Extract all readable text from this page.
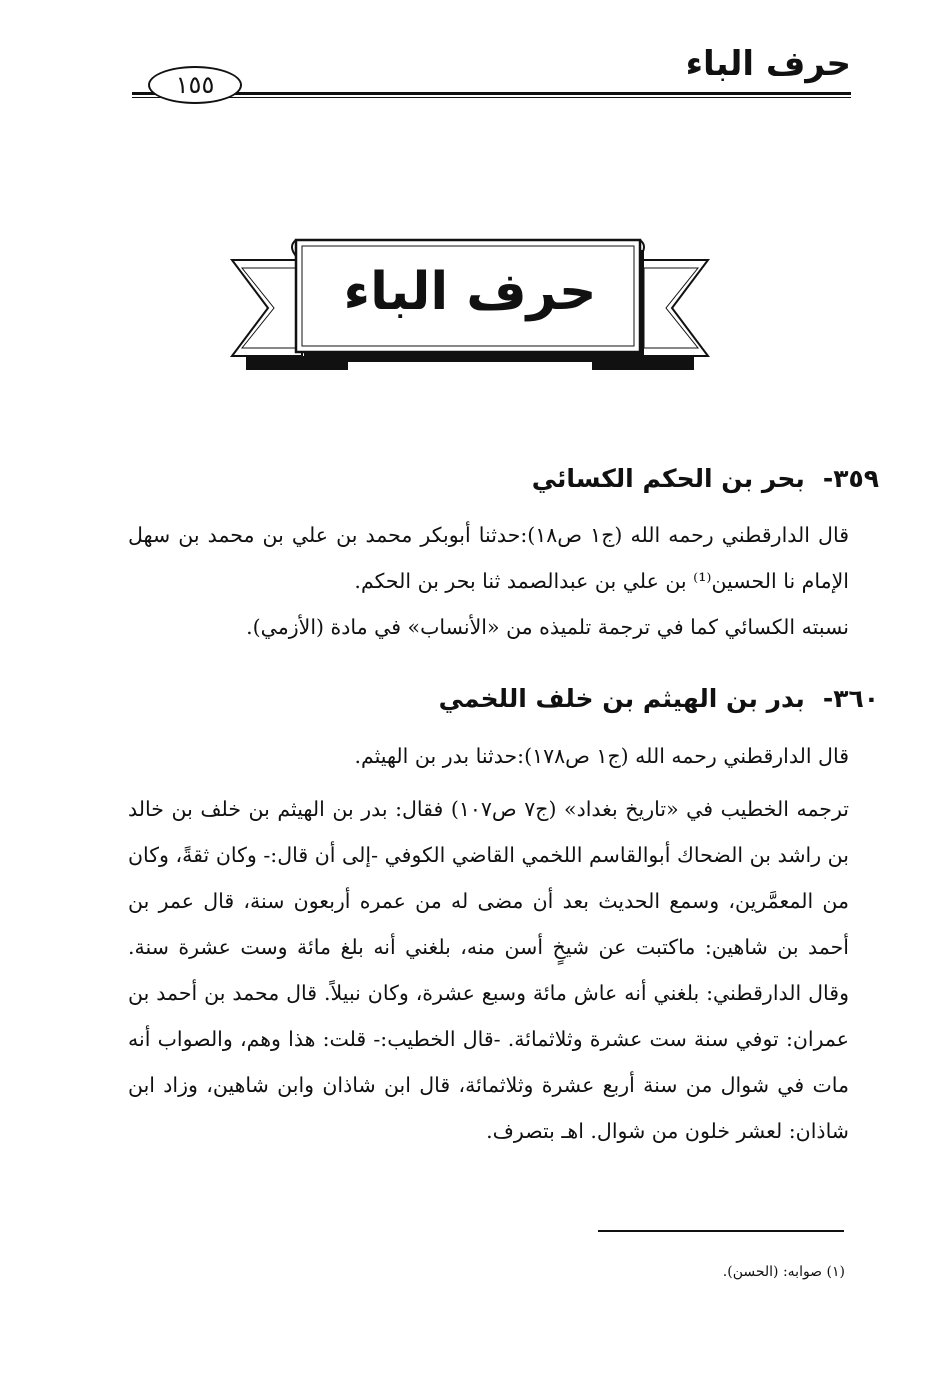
حرف الباء
١٥٥
حرف الباء
٣٥٩-بحر بن الحكم الكسائي
قال الدارقطني رحمه الله (ج١ ص١٨):حدثنا أبوبكر محمد بن علي بن محمد بن سهل الإمام نا الحسين⁽¹⁾ بن علي بن عبدالصمد ثنا بحر بن الحكم.
نسبته الكسائي كما في ترجمة تلميذه من «الأنساب» في مادة (الأزمي).
٣٦٠-بدر بن الهيثم بن خلف اللخمي
قال الدارقطني رحمه الله (ج١ ص١٧٨):حدثنا بدر بن الهيثم.
ترجمه الخطيب في «تاريخ بغداد» (ج٧ ص١٠٧) فقال: بدر بن الهيثم بن خلف بن خالد بن راشد بن الضحاك أبوالقاسم اللخمي القاضي الكوفي -إلى أن قال:- وكان ثقةً، وكان من المعمَّرين، وسمع الحديث بعد أن مضى له من عمره أربعون سنة، قال عمر بن أحمد بن شاهين: ماكتبت عن شيخٍ أسن منه، بلغني أنه بلغ مائة وست عشرة سنة. وقال الدارقطني: بلغني أنه عاش مائة وسبع عشرة، وكان نبيلاً. قال محمد بن أحمد بن عمران: توفي سنة ست عشرة وثلاثمائة. -قال الخطيب:- قلت: هذا وهم، والصواب أنه مات في شوال من سنة أربع عشرة وثلاثمائة، قال ابن شاذان وابن شاهين، وزاد ابن شاذان: لعشر خلون من شوال. اهـ بتصرف.
(١) صوابه: (الحسن).
